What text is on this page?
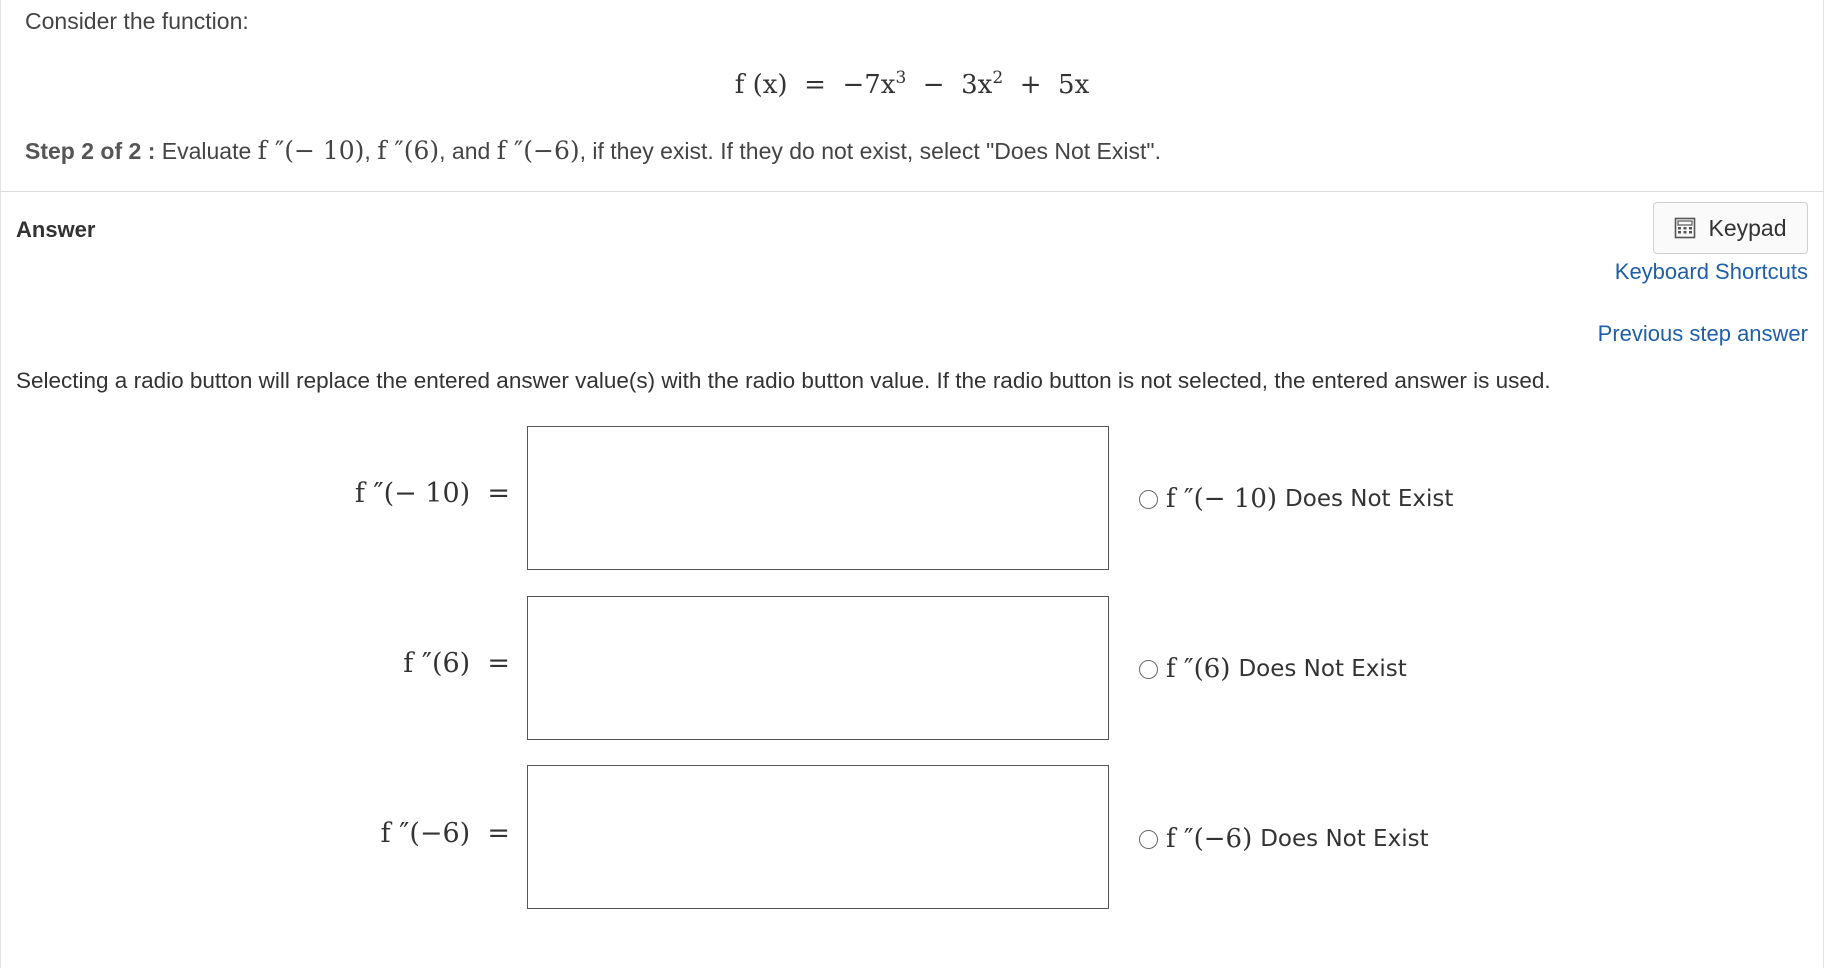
Consider the function:
f $(x) = -7x^3 - 3x^2 + 5x$
Step 2 of 2 : Evaluate f ″(− 10), f ″(6), and f ″(−6), if they exist. If they do not exist, select "Does Not Exist".
Answer	Keypad
Keyboard Shortcuts
Previous step answer
Selecting a radio button will replace the entered answer value(s) with the radio button value. If the radio button is not selected, the entered answer is used.
f ″(− 10) =	f ″(− 10) Does Not Exist
f ″(6) =	f ″(6) Does Not Exist
f ″(−6) =	f ″(−6) Does Not Exist
